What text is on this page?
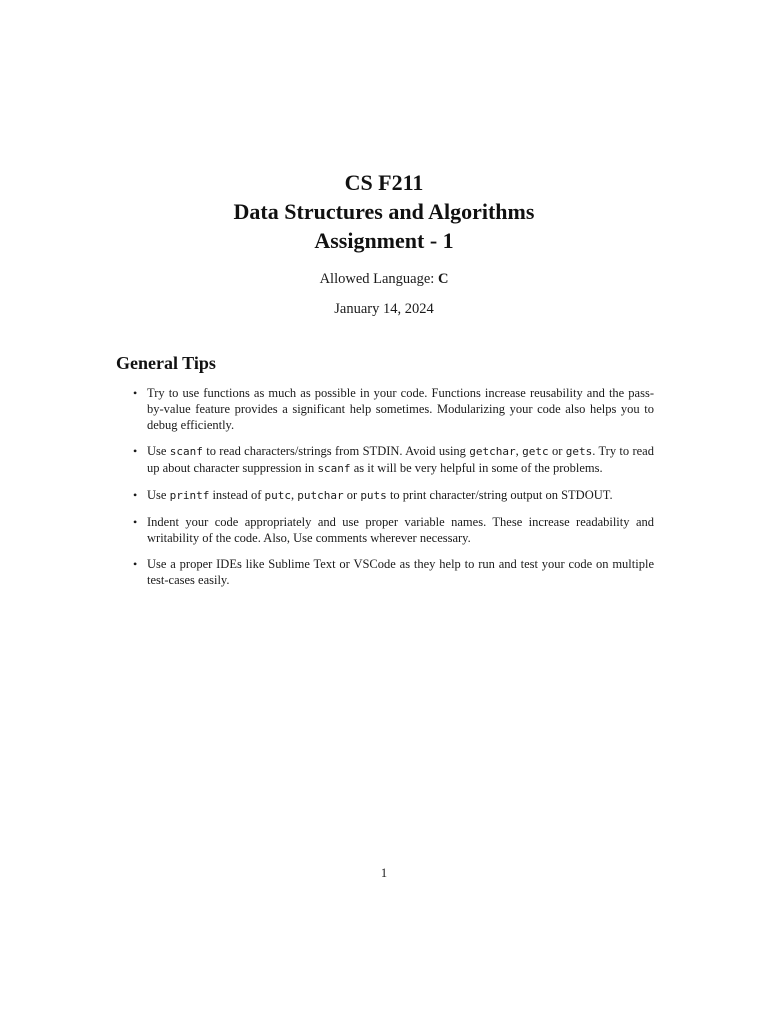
CS F211
Data Structures and Algorithms
Assignment - 1
Allowed Language: C
January 14, 2024
General Tips
• Try to use functions as much as possible in your code. Functions increase reusability and the pass-by-value feature provides a significant help sometimes. Modularizing your code also helps you to debug efficiently.
• Use scanf to read characters/strings from STDIN. Avoid using getchar, getc or gets. Try to read up about character suppression in scanf as it will be very helpful in some of the problems.
• Use printf instead of putc, putchar or puts to print character/string output on STDOUT.
• Indent your code appropriately and use proper variable names. These increase readability and writability of the code. Also, Use comments wherever necessary.
• Use a proper IDEs like Sublime Text or VSCode as they help to run and test your code on multiple test-cases easily.
1
